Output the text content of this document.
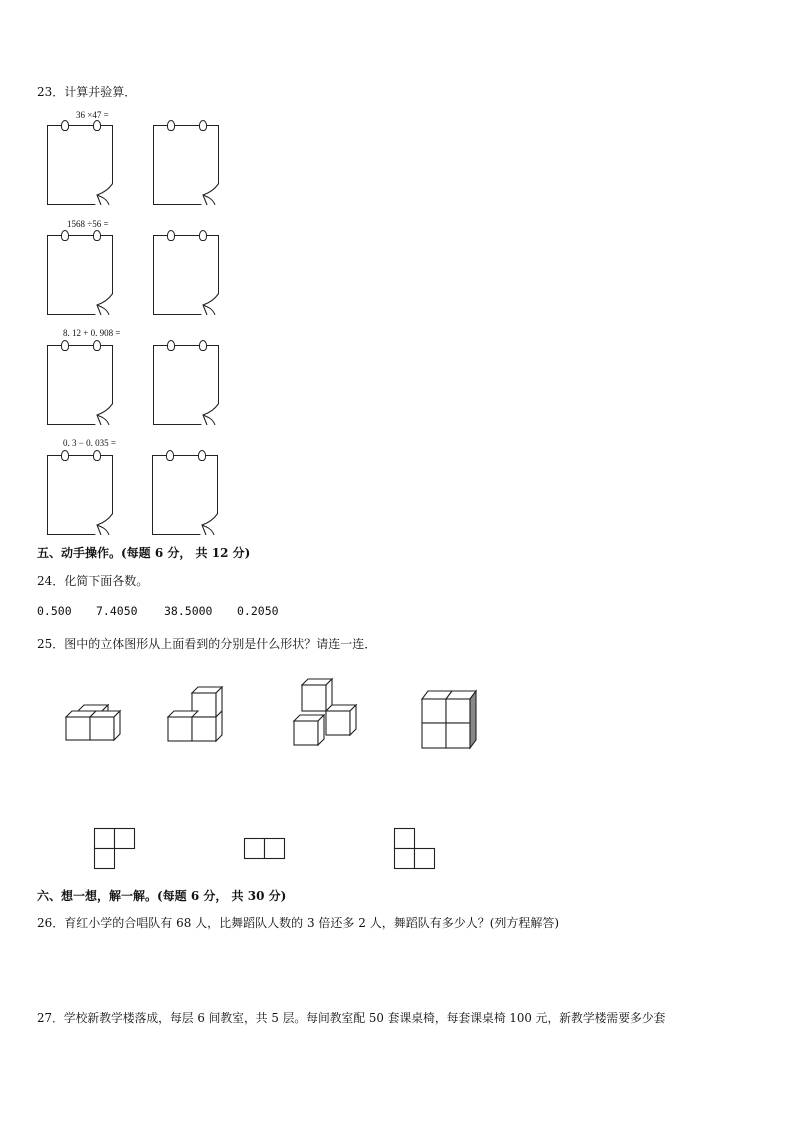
23．计算并验算．
36 ×47 =
1568 ÷56 =
8. 12 + 0. 908 =
0. 3 − 0. 035 =
五、动手操作。(每题 6 分， 共 12 分)
24．化简下面各数。
0.500 7.4050 38.5000 0.2050
25．图中的立体图形从上面看到的分别是什么形状？请连一连．
六、想一想，解一解。(每题 6 分， 共 30 分)
26．育红小学的合唱队有 68 人，比舞蹈队人数的 3 倍还多 2 人，舞蹈队有多少人？(列方程解答)
27．学校新教学楼落成，每层 6 间教室，共 5 层。每间教室配 50 套课桌椅，每套课桌椅 100 元，新教学楼需要多少套
